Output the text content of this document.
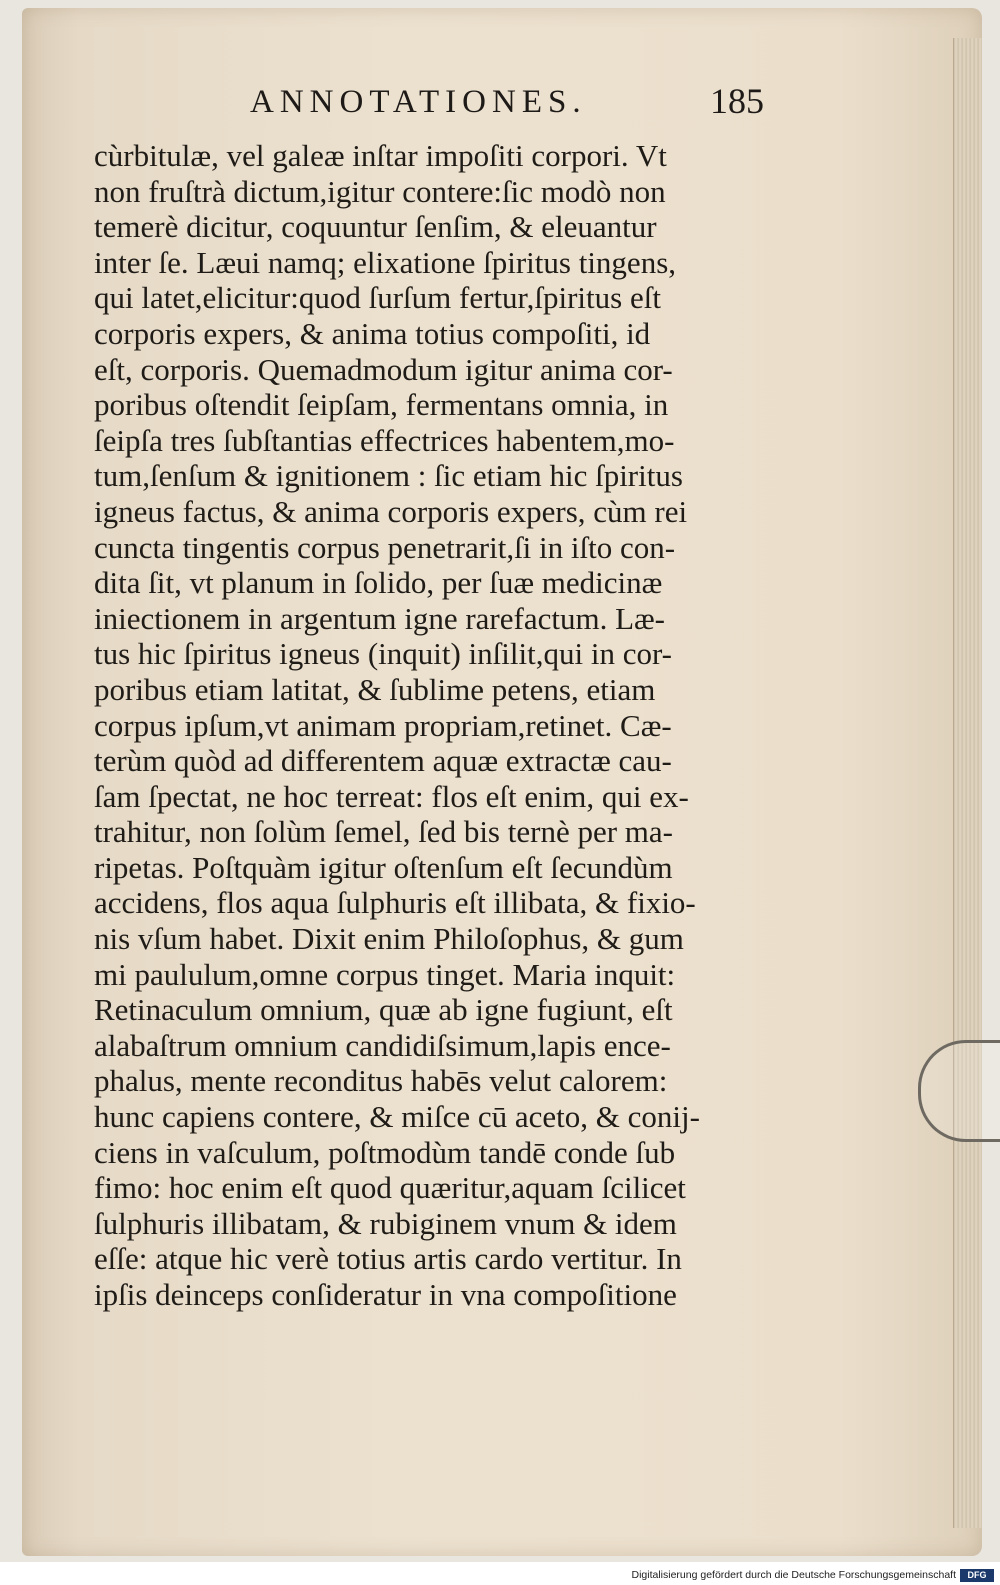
ANNOTATIONES.	185
cùrbitulæ, vel galeæ inſtar impoſiti corpori. Vt
non fruſtrà dictum,igitur contere:ſic modò non
temerè dicitur, coquuntur ſenſim, & eleuantur
inter ſe. Læui namq; elixatione ſpiritus tingens,
qui latet,elicitur:quod ſurſum fertur,ſpiritus eſt
corporis expers, & anima totius compoſiti, id
eſt, corporis. Quemadmodum igitur anima cor-
poribus oſtendit ſeipſam, fermentans omnia, in
ſeipſa tres ſubſtantias effectrices habentem,mo-
tum,ſenſum & ignitionem : ſic etiam hic ſpiritus
igneus factus, & anima corporis expers, cùm rei
cuncta tingentis corpus penetrarit,ſi in iſto con-
dita ſit, vt planum in ſolido, per ſuæ medicinæ
iniectionem in argentum igne rarefactum. Læ-
tus hic ſpiritus igneus (inquit) inſilit,qui in cor-
poribus etiam latitat, & ſublime petens, etiam
corpus ipſum,vt animam propriam,retinet. Cæ-
terùm quòd ad differentem aquæ extractæ cau-
ſam ſpectat, ne hoc terreat: flos eſt enim, qui ex-
trahitur, non ſolùm ſemel, ſed bis ternè per ma-
ripetas. Poſtquàm igitur oſtenſum eſt ſecundùm
accidens, flos aqua ſulphuris eſt illibata, & fixio-
nis vſum habet. Dixit enim Philoſophus, & gum
mi paululum,omne corpus tinget. Maria inquit:
Retinaculum omnium, quæ ab igne fugiunt, eſt
alabaſtrum omnium candidiſsimum,lapis ence-
phalus, mente reconditus habēs velut calorem:
hunc capiens contere, & miſce cū aceto, & conij-
ciens in vaſculum, poſtmodùm tandē conde ſub
fimo: hoc enim eſt quod quæritur,aquam ſcilicet
ſulphuris illibatam, & rubiginem vnum & idem
eſſe: atque hic verè totius artis cardo vertitur. In
ipſis deinceps conſideratur in vna compoſitione
Digitalisierung gefördert durch die Deutsche Forschungsgemeinschaft	DFG
